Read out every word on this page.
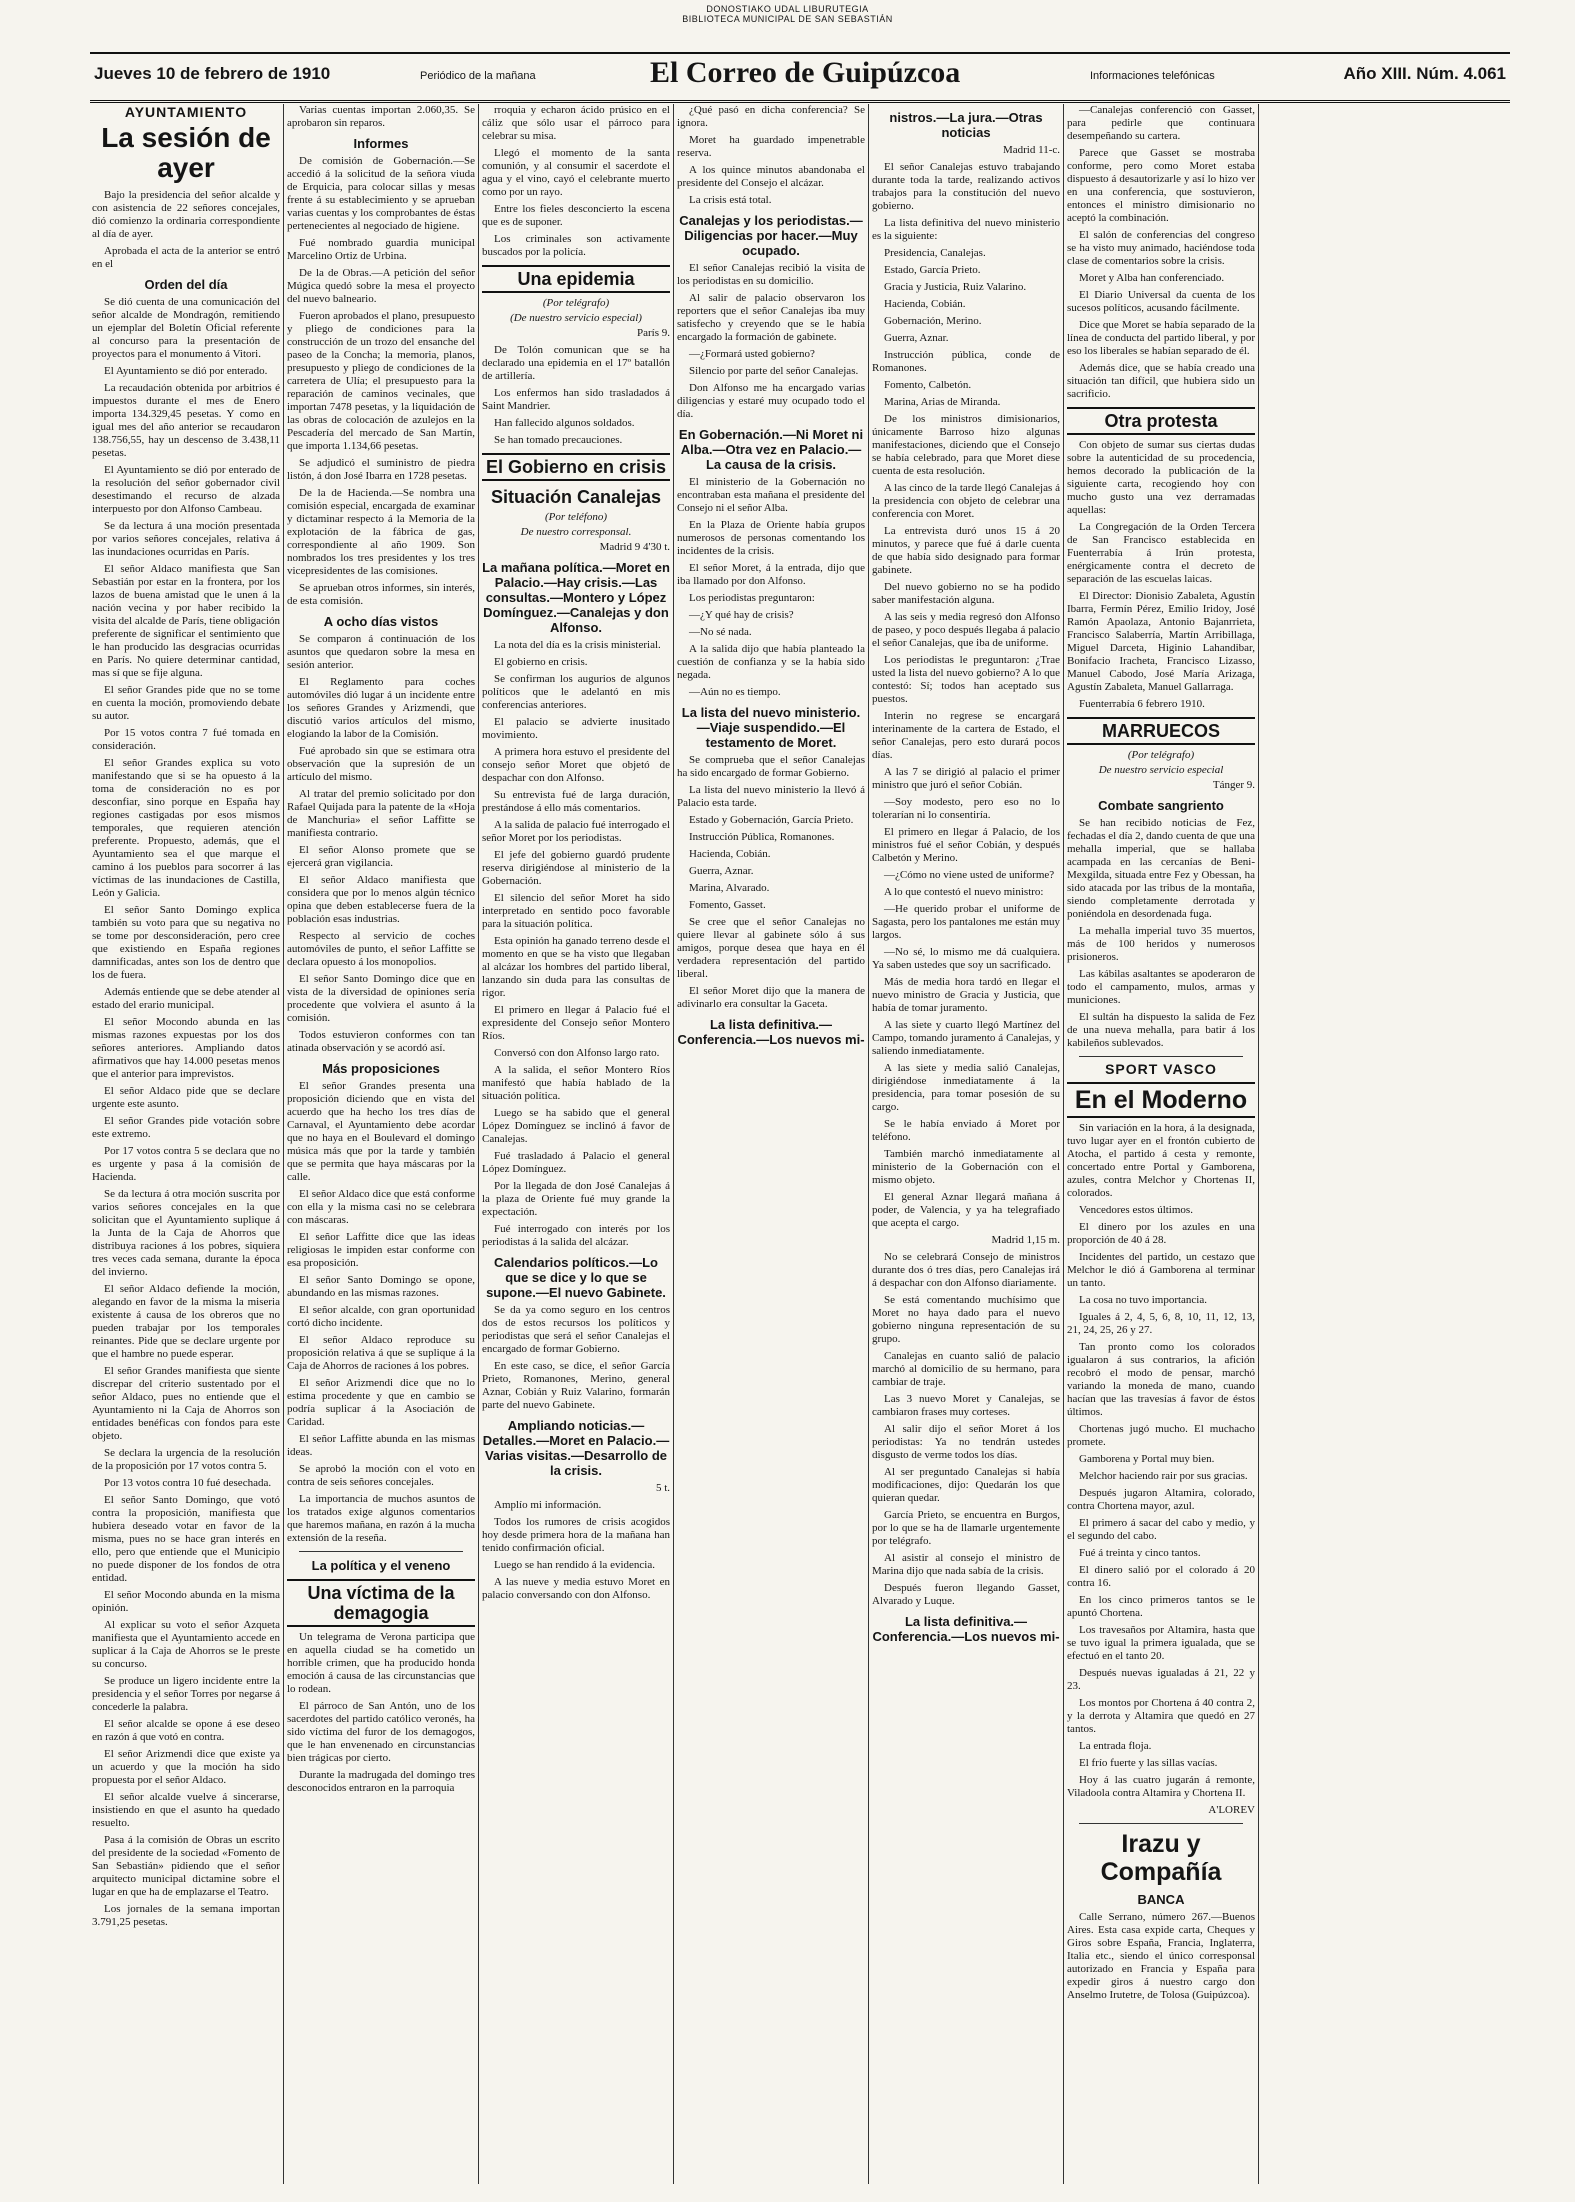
DONOSTIAKO UDAL LIBURUTEGIA
BIBLIOTECA MUNICIPAL DE SAN SEBASTIÁN
Jueves 10 de febrero de 1910	Periódico de la mañana	El Correo de Guipúzcoa	Informaciones telefónicas	Año XIII. Núm. 4.061
AYUNTAMIENTO
La sesión de ayer

Bajo la presidencia del señor alcalde y con asistencia de 22 señores concejales, dió comienzo la ordinaria correspondiente al día de ayer.

Aprobada el acta de la anterior se entró en el

Orden del día

Se dió cuenta de una comunicación del señor alcalde de Mondragón, remitiendo un ejemplar del Boletín Oficial referente al concurso para la presentación de proyectos para el monumento á Vitori.

El Ayuntamiento se dió por enterado.

La recaudación obtenida por arbitrios é impuestos durante el mes de Enero importa 134.329,45 pesetas. Y como en igual mes del año anterior se recaudaron 138.756,55, hay un descenso de 3.438,11 pesetas.

El Ayuntamiento se dió por enterado de la resolución del señor gobernador civil desestimando el recurso de alzada interpuesto por don Alfonso Cambeau.

Se da lectura á una moción presentada por varios señores concejales, relativa á las inundaciones ocurridas en París.

El señor Aldaco manifiesta que San Sebastián por estar en la frontera, por los lazos de buena amistad que le unen á la nación vecina y por haber recibido la visita del alcalde de París, tiene obligación preferente de significar el sentimiento que le han producido las desgracias ocurridas en París. No quiere determinar cantidad, mas sí que se fije alguna.

El señor Grandes pide que no se tome en cuenta la moción, promoviendo debate su autor.

Por 15 votos contra 7 fué tomada en consideración.

El señor Grandes explica su voto manifestando que si se ha opuesto á la toma de consideración no es por desconfiar, sino porque en España hay regiones castigadas por esos mismos temporales, que requieren atención preferente. Propuesto, además, que el Ayuntamiento sea el que marque el camino á los pueblos para socorrer á las víctimas de las inundaciones de Castilla, León y Galicia.

El señor Santo Domingo explica también su voto para que su negativa no se tome por desconsideración, pero cree que existiendo en España regiones damnificadas, antes son los de dentro que los de fuera.

Además entiende que se debe atender al estado del erario municipal.

El señor Mocondo abunda en las mismas razones expuestas por los dos señores anteriores. Ampliando datos afirmativos que hay 14.000 pesetas menos que el anterior para imprevistos.

El señor Aldaco pide que se declare urgente este asunto.

El señor Grandes pide votación sobre este extremo.

Por 17 votos contra 5 se declara que no es urgente y pasa á la comisión de Hacienda.

Se da lectura á otra moción suscrita por varios señores concejales en la que solicitan que el Ayuntamiento suplique á la Junta de la Caja de Ahorros que distribuya raciones á los pobres, siquiera tres veces cada semana, durante la época del invierno.

El señor Aldaco defiende la moción, alegando en favor de la misma la miseria existente á causa de los obreros que no pueden trabajar por los temporales reinantes. Pide que se declare urgente por que el hambre no puede esperar.

El señor Grandes manifiesta que siente discrepar del criterio sustentado por el señor Aldaco, pues no entiende que el Ayuntamiento ni la Caja de Ahorros son entidades benéficas con fondos para este objeto.

Se declara la urgencia de la resolución de la proposición por 17 votos contra 5.

Por 13 votos contra 10 fué desechada.

El señor Santo Domingo, que votó contra la proposición, manifiesta que hubiera deseado votar en favor de la misma, pues no se hace gran interés en ello, pero que entiende que el Municipio no puede disponer de los fondos de otra entidad.

El señor Mocondo abunda en la misma opinión.

Al explicar su voto el señor Azqueta manifiesta que el Ayuntamiento accede en suplicar á la Caja de Ahorros se le preste su concurso.

Se produce un ligero incidente entre la presidencia y el señor Torres por negarse á concederle la palabra.

El señor alcalde se opone á ese deseo en razón á que votó en contra.

El señor Arizmendi dice que existe ya un acuerdo y que la moción ha sido propuesta por el señor Aldaco.

El señor alcalde vuelve á sincerarse, insistiendo en que el asunto ha quedado resuelto.

Pasa á la comisión de Obras un escrito del presidente de la sociedad «Fomento de San Sebastián» pidiendo que el señor arquitecto municipal dictamine sobre el lugar en que ha de emplazarse el Teatro.

Los jornales de la semana importan 3.791,25 pesetas.

Varias cuentas importan 2.060,35. Se aprobaron sin reparos.

Informes

De comisión de Gobernación.—Se accedió á la solicitud de la señora viuda de Erquicia, para colocar sillas y mesas frente á su establecimiento y se aprueban varias cuentas y los comprobantes de éstas pertenecientes al negociado de higiene.

Fué nombrado guardia municipal Marcelino Ortiz de Urbina.

De la de Obras.—A petición del señor Múgica quedó sobre la mesa el proyecto del nuevo balneario.

Fueron aprobados el plano, presupuesto y pliego de condiciones para la construcción de un trozo del ensanche del paseo de la Concha; la memoria, planos, presupuesto y pliego de condiciones de la carretera de Ulía; el presupuesto para la reparación de caminos vecinales, que importan 7478 pesetas, y la liquidación de las obras de colocación de azulejos en la Pescadería del mercado de San Martín, que importa 1.134,66 pesetas.

Se adjudicó el suministro de piedra listón, á don José Ibarra en 1728 pesetas.

De la de Hacienda.—Se nombra una comisión especial, encargada de examinar y dictaminar respecto á la Memoria de la explotación de la fábrica de gas, correspondiente al año 1909. Son nombrados los tres presidentes y los tres vicepresidentes de las comisiones.

Se aprueban otros informes, sin interés, de esta comisión.

A ocho días vistos

Se comparon á continuación de los asuntos que quedaron sobre la mesa en sesión anterior.

El Reglamento para coches automóviles dió lugar á un incidente entre los señores Grandes y Arizmendi, que discutió varios artículos del mismo, elogiando la labor de la Comisión.

Fué aprobado sin que se estimara otra observación que la supresión de un artículo del mismo.

Al tratar del premio solicitado por don Rafael Quijada para la patente de la «Hoja de Manchuria» el señor Laffitte se manifiesta contrario.

El señor Alonso promete que se ejercerá gran vigilancia.

El señor Aldaco manifiesta que considera que por lo menos algún técnico opina que deben establecerse fuera de la población esas industrias.

Respecto al servicio de coches automóviles de punto, el señor Laffitte se declara opuesto á los monopolios.

El señor Santo Domingo dice que en vista de la diversidad de opiniones sería procedente que volviera el asunto á la comisión.

Todos estuvieron conformes con tan atinada observación y se acordó así.

Más proposiciones

El señor Grandes presenta una proposición diciendo que en vista del acuerdo que ha hecho los tres días de Carnaval, el Ayuntamiento debe acordar que no haya en el Boulevard el domingo música más que por la tarde y también que se permita que haya máscaras por la calle.

El señor Aldaco dice que está conforme con ella y la misma casi no se celebrara con máscaras.

El señor Laffitte dice que las ideas religiosas le impiden estar conforme con esa proposición.

El señor Santo Domingo se opone, abundando en las mismas razones.

El señor alcalde, con gran oportunidad cortó dicho incidente.

El señor Aldaco reproduce su proposición relativa á que se suplique á la Caja de Ahorros de raciones á los pobres.

El señor Arizmendi dice que no lo estima procedente y que en cambio se podría suplicar á la Asociación de Caridad.

El señor Laffitte abunda en las mismas ideas.

Se aprobó la moción con el voto en contra de seis señores concejales.

La importancia de muchos asuntos de los tratados exige algunos comentarios que haremos mañana, en razón á la mucha extensión de la reseña.

La política y el veneno
Una víctima de la demagogia

Un telegrama de Verona participa que en aquella ciudad se ha cometido un horrible crimen, que ha producido honda emoción á causa de las circunstancias que lo rodean.

El párroco de San Antón, uno de los sacerdotes del partido católico veronés, ha sido víctima del furor de los demagogos, que le han envenenado en circunstancias bien trágicas por cierto.

Durante la madrugada del domingo tres desconocidos entraron en la parroquia

rroquia y echaron ácido prúsico en el cáliz que sólo usar el párroco para celebrar su misa.

Llegó el momento de la santa comunión, y al consumir el sacerdote el agua y el vino, cayó el celebrante muerto como por un rayo.

Entre los fieles desconcierto la escena que es de suponer.

Los criminales son activamente buscados por la policía.

Una epidemia
(Por telégrafo)
(De nuestro servicio especial)
París 9.

De Tolón comunican que se ha declarado una epidemia en el 17º batallón de artillería.

Los enfermos han sido trasladados á Saint Mandrier.

Han fallecido algunos soldados.

Se han tomado precauciones.

El Gobierno en crisis
Situación Canalejas
(Por teléfono)
De nuestro corresponsal.
Madrid 9 4'30 t.
La mañana política.—Moret en Palacio.—Hay crisis.—Las consultas.—Montero y López Domínguez.—Canalejas y don Alfonso.

La nota del día es la crisis ministerial.

El gobierno en crisis.

Se confirman los augurios de algunos políticos que le adelantó en mis conferencias anteriores.

El palacio se advierte inusitado movimiento.

A primera hora estuvo el presidente del consejo señor Moret que objetó de despachar con don Alfonso.

Su entrevista fué de larga duración, prestándose á ello más comentarios.

A la salida de palacio fué interrogado el señor Moret por los periodistas.

El jefe del gobierno guardó prudente reserva dirigiéndose al ministerio de la Gobernación.

El silencio del señor Moret ha sido interpretado en sentido poco favorable para la situación política.

Esta opinión ha ganado terreno desde el momento en que se ha visto que llegaban al alcázar los hombres del partido liberal, lanzando sin duda para las consultas de rigor.

El primero en llegar á Palacio fué el expresidente del Consejo señor Montero Ríos.

Conversó con don Alfonso largo rato.

A la salida, el señor Montero Ríos manifestó que había hablado de la situación política.

Luego se ha sabido que el general López Domínguez se inclinó á favor de Canalejas.

Fué trasladado á Palacio el general López Domínguez.

Por la llegada de don José Canalejas á la plaza de Oriente fué muy grande la expectación.

Fué interrogado con interés por los periodistas á la salida del alcázar.

Calendarios políticos.—Lo que se dice y lo que se supone.—El nuevo Gabinete.

Se da ya como seguro en los centros dos de estos recursos los políticos y periodistas que será el señor Canalejas el encargado de formar Gobierno.

En este caso, se dice, el señor García Prieto, Romanones, Merino, general Aznar, Cobián y Ruiz Valarino, formarán parte del nuevo Gabinete.

Ampliando noticias.—Detalles.—Moret en Palacio.—Varias visitas.—Desarrollo de la crisis.
5 t.

Amplío mi información.

Todos los rumores de crisis acogidos hoy desde primera hora de la mañana han tenido confirmación oficial.

Luego se han rendido á la evidencia.

A las nueve y media estuvo Moret en palacio conversando con don Alfonso.

¿Qué pasó en dicha conferencia? Se ignora.

Moret ha guardado impenetrable reserva.

A los quince minutos abandonaba el presidente del Consejo el alcázar.

La crisis está total.

Canalejas y los periodistas.—Diligencias por hacer.—Muy ocupado.

El señor Canalejas recibió la visita de los periodistas en su domicilio.

Al salir de palacio observaron los reporters que el señor Canalejas iba muy satisfecho y creyendo que se le había encargado la formación de gabinete.

—¿Formará usted gobierno?

Silencio por parte del señor Canalejas.

Don Alfonso me ha encargado varias diligencias y estaré muy ocupado todo el día.

En Gobernación.—Ni Moret ni Alba.—Otra vez en Palacio.—La causa de la crisis.

El ministerio de la Gobernación no encontraban esta mañana el presidente del Consejo ni el señor Alba.

En la Plaza de Oriente había grupos numerosos de personas comentando los incidentes de la crisis.

El señor Moret, á la entrada, dijo que iba llamado por don Alfonso.

Los periodistas preguntaron:

—¿Y qué hay de crisis?

—No sé nada.

A la salida dijo que había planteado la cuestión de confianza y se la había sido negada.

—Aún no es tiempo.

La lista del nuevo ministerio.—Viaje suspendido.—El testamento de Moret.

Se comprueba que el señor Canalejas ha sido encargado de formar Gobierno.

La lista del nuevo ministerio la llevó á Palacio esta tarde.

Estado y Gobernación, García Prieto.

Instrucción Pública, Romanones.

Hacienda, Cobián.

Guerra, Aznar.

Marina, Alvarado.

Fomento, Gasset.

Se cree que el señor Canalejas no quiere llevar al gabinete sólo á sus amigos, porque desea que haya en él verdadera representación del partido liberal.

El señor Moret dijo que la manera de adivinarlo era consultar la Gaceta.

La lista definitiva.—Conferencia.—Los nuevos mi-
nistros.—La jura.—Otras noticias
Madrid 11-c.

El señor Canalejas estuvo trabajando durante toda la tarde, realizando activos trabajos para la constitución del nuevo gobierno.

La lista definitiva del nuevo ministerio es la siguiente:

Presidencia, Canalejas.

Estado, García Prieto.

Gracia y Justicia, Ruiz Valarino.

Hacienda, Cobián.

Gobernación, Merino.

Guerra, Aznar.

Instrucción pública, conde de Romanones.

Fomento, Calbetón.

Marina, Arias de Miranda.

De los ministros dimisionarios, únicamente Barroso hizo algunas manifestaciones, diciendo que el Consejo se había celebrado, para que Moret diese cuenta de esta resolución.

A las cinco de la tarde llegó Canalejas á la presidencia con objeto de celebrar una conferencia con Moret.

La entrevista duró unos 15 á 20 minutos, y parece que fué á darle cuenta de que había sido designado para formar gabinete.

Del nuevo gobierno no se ha podido saber manifestación alguna.

A las seis y media regresó don Alfonso de paseo, y poco después llegaba á palacio el señor Canalejas, que iba de uniforme.

Los periodistas le preguntaron: ¿Trae usted la lista del nuevo gobierno? A lo que contestó: Sí; todos han aceptado sus puestos.

Interin no regrese se encargará interinamente de la cartera de Estado, el señor Canalejas, pero esto durará pocos días.

A las 7 se dirigió al palacio el primer ministro que juró el señor Cobián.

—Soy modesto, pero eso no lo tolerarían ni lo consentiría.

El primero en llegar á Palacio, de los ministros fué el señor Cobián, y después Calbetón y Merino.

—¿Cómo no viene usted de uniforme?

A lo que contestó el nuevo ministro:

—He querido probar el uniforme de Sagasta, pero los pantalones me están muy largos.

—No sé, lo mismo me dá cualquiera. Ya saben ustedes que soy un sacrificado.

Más de media hora tardó en llegar el nuevo ministro de Gracia y Justicia, que había de tomar juramento.

A las siete y cuarto llegó Martínez del Campo, tomando juramento á Canalejas, y saliendo inmediatamente.

A las siete y media salió Canalejas, dirigiéndose inmediatamente á la presidencia, para tomar posesión de su cargo.

Se le había enviado á Moret por teléfono.

También marchó inmediatamente al ministerio de la Gobernación con el mismo objeto.

El general Aznar llegará mañana á poder, de Valencia, y ya ha telegrafiado que acepta el cargo.

Madrid 1,15 m.

No se celebrará Consejo de ministros durante dos ó tres días, pero Canalejas irá á despachar con don Alfonso diariamente.

Se está comentando muchísimo que Moret no haya dado para el nuevo gobierno ninguna representación de su grupo.

Canalejas en cuanto salió de palacio marchó al domicilio de su hermano, para cambiar de traje.

Las 3 nuevo Moret y Canalejas, se cambiaron frases muy corteses.

Al salir dijo el señor Moret á los periodistas: Ya no tendrán ustedes disgusto de verme todos los días.

Al ser preguntado Canalejas si había modificaciones, dijo: Quedarán los que quieran quedar.

García Prieto, se encuentra en Burgos, por lo que se ha de llamarle urgentemente por telégrafo.

Al asistir al consejo el ministro de Marina dijo que nada sabía de la crisis.

Después fueron llegando Gasset, Alvarado y Luque.

La lista definitiva.—Conferencia.—Los nuevos mi-

—Canalejas conferenció con Gasset, para pedirle que continuara desempeñando su cartera.

Parece que Gasset se mostraba conforme, pero como Moret estaba dispuesto á desautorizarle y así lo hizo ver en una conferencia, que sostuvieron, entonces el ministro dimisionario no aceptó la combinación.

El salón de conferencias del congreso se ha visto muy animado, haciéndose toda clase de comentarios sobre la crisis.

Moret y Alba han conferenciado.

El Diario Universal da cuenta de los sucesos políticos, acusando fácilmente.

Dice que Moret se había separado de la línea de conducta del partido liberal, y por eso los liberales se habían separado de él.

Además dice, que se había creado una situación tan difícil, que hubiera sido un sacrificio.

Otra protesta

Con objeto de sumar sus ciertas dudas sobre la autenticidad de su procedencia, hemos decorado la publicación de la siguiente carta, recogiendo hoy con mucho gusto una vez derramadas aquellas:

La Congregación de la Orden Tercera de San Francisco establecida en Fuenterrabía á Irún protesta, enérgicamente contra el decreto de separación de las escuelas laicas.

El Director: Dionisio Zabaleta, Agustín Ibarra, Fermín Pérez, Emilio Iridoy, José Ramón Apaolaza, Antonio Bajanrrieta, Francisco Salaberría, Martín Arribillaga, Miguel Darceta, Higinio Lahandibar, Bonifacio Iracheta, Francisco Lizasso, Manuel Cabodo, José María Arizaga, Agustín Zabaleta, Manuel Gallarraga.

Fuenterrabía 6 febrero 1910.

MARRUECOS
(Por telégrafo)
De nuestro servicio especial
Tánger 9.
Combate sangriento

Se han recibido noticias de Fez, fechadas el día 2, dando cuenta de que una mehalla imperial, que se hallaba acampada en las cercanías de Beni-Mexgilda, situada entre Fez y Obessan, ha sido atacada por las tribus de la montaña, siendo completamente derrotada y poniéndola en desordenada fuga.

La mehalla imperial tuvo 35 muertos, más de 100 heridos y numerosos prisioneros.

Las kábilas asaltantes se apoderaron de todo el campamento, mulos, armas y municiones.

El sultán ha dispuesto la salida de Fez de una nueva mehalla, para batir á los kabileños sublevados.

SPORT VASCO
En el Moderno

Sin variación en la hora, á la designada, tuvo lugar ayer en el frontón cubierto de Atocha, el partido á cesta y remonte, concertado entre Portal y Gamborena, azules, contra Melchor y Chortenas II, colorados.

Vencedores estos últimos.

El dinero por los azules en una proporción de 40 á 28.

Incidentes del partido, un cestazo que Melchor le dió á Gamborena al terminar un tanto.

La cosa no tuvo importancia.

Iguales á 2, 4, 5, 6, 8, 10, 11, 12, 13, 21, 24, 25, 26 y 27.

Tan pronto como los colorados igualaron á sus contrarios, la afición recobró el modo de pensar, marchó variando la moneda de mano, cuando hacían que las travesías á favor de éstos últimos.

Chortenas jugó mucho. El muchacho promete.

Gamborena y Portal muy bien.

Melchor haciendo rair por sus gracias.

Después jugaron Altamira, colorado, contra Chortena mayor, azul.

El primero á sacar del cabo y medio, y el segundo del cabo.

Fué á treinta y cinco tantos.

El dinero salió por el colorado á 20 contra 16.

En los cinco primeros tantos se le apuntó Chortena.

Los travesaños por Altamira, hasta que se tuvo igual la primera igualada, que se efectuó en el tanto 20.

Después nuevas igualadas á 21, 22 y 23.

Los montos por Chortena á 40 contra 2, y la derrota y Altamira que quedó en 27 tantos.

La entrada floja.

El frío fuerte y las sillas vacías.

Hoy á las cuatro jugarán á remonte, Viladoola contra Altamira y Chortena II.

A'LOREV
Irazu y Compañía
BANCA

Calle Serrano, número 267.—Buenos Aires. Esta casa expide carta, Cheques y Giros sobre España, Francia, Inglaterra, Italia etc., siendo el único corresponsal autorizado en Francia y España para expedir giros á nuestro cargo don Anselmo Irutetre, de Tolosa (Guipúzcoa).
